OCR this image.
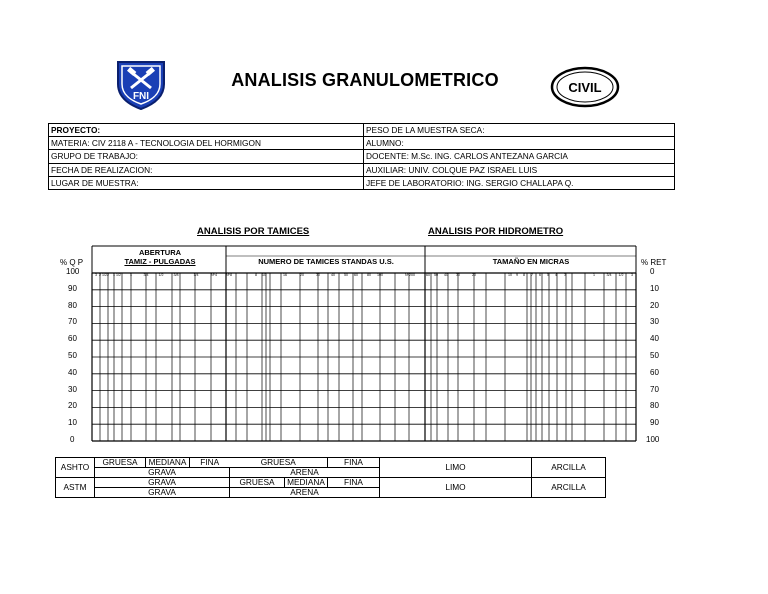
FNI
CIVIL
ANALISIS GRANULOMETRICO
PROYECTO:	PESO DE LA MUESTRA SECA:
MATERIA: CIV 2118 A - TECNOLOGIA DEL HORMIGON	ALUMNO:
GRUPO DE TRABAJO:	DOCENTE: M.Sc. ING. CARLOS ANTEZANA GARCIA
FECHA DE REALIZACION:	AUXILIAR: UNIV. COLQUE PAZ ISRAEL LUIS
LUGAR DE MUESTRA:	JEFE DE LABORATORIO: ING. SERGIO CHALLAPA Q.
ANALISIS POR TAMICES	ANALISIS POR HIDROMETRO
% Q P	% RET
ABERTURA
TAMIZ - PULGADAS	NUMERO DE TAMICES STANDAS U.S.	TAMAÑO EN MICRAS
3 2 1/2 2 1 1/2	1	3/4	1/2	3/8	1/4	Nº4	Nº8	8 10	16	20	30	40	50 60	80 100	Nº200	60 50 40 30	20	10 9 8 7 6 5 4 3	1	3/4 1/2 3
ASHTO	GRUESA	MEDIANA	FINA	GRUESA		FINA	LIMO	ARCILLA
	GRAVA			ARENA				
ASTM	GRAVA			GRUESA	MEDIANA	FINA	LIMO	ARCILLA
	GRAVA			ARENA				
100
90
80
70
60
50
40
30
20
10
0
0
10
20
30
40
50
60
70
80
90
100
